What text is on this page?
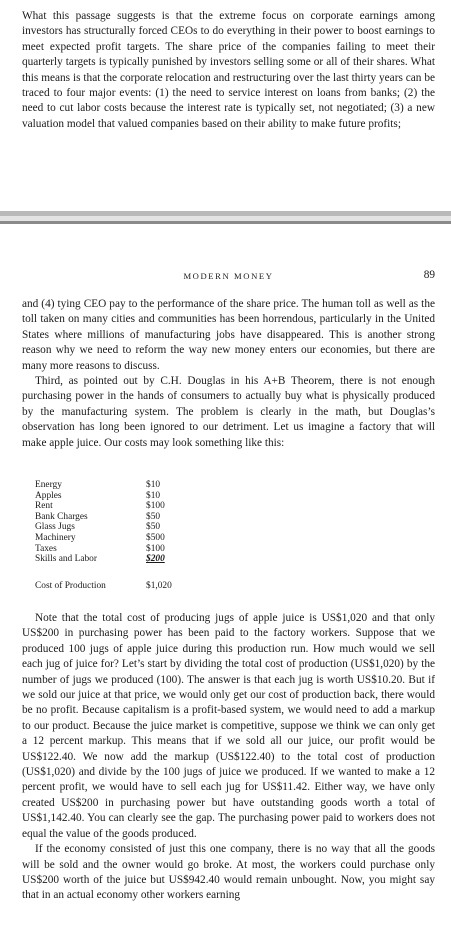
What this passage suggests is that the extreme focus on corporate earnings among investors has structurally forced CEOs to do everything in their power to boost earnings to meet expected profit targets. The share price of the companies failing to meet their quarterly targets is typically punished by investors selling some or all of their shares. What this means is that the corporate relocation and restructuring over the last thirty years can be traced to four major events: (1) the need to service interest on loans from banks; (2) the need to cut labor costs because the interest rate is typically set, not negotiated; (3) a new valuation model that valued companies based on their ability to make future profits;

MODERN MONEY	89

and (4) tying CEO pay to the performance of the share price. The human toll as well as the toll taken on many cities and communities has been horrendous, particularly in the United States where millions of manufacturing jobs have disappeared. This is another strong reason why we need to reform the way new money enters our economies, but there are many more reasons to discuss.

Third, as pointed out by C.H. Douglas in his A+B Theorem, there is not enough purchasing power in the hands of consumers to actually buy what is physically produced by the manufacturing system. The problem is clearly in the math, but Douglas’s observation has long been ignored to our detriment. Let us imagine a factory that will make apple juice. Our costs may look something like this:

Energy	$10
Apples	$10
Rent	$100
Bank Charges	$50
Glass Jugs	$50
Machinery	$500
Taxes	$100
Skills and Labor	$200
Cost of Production	$1,020

Note that the total cost of producing jugs of apple juice is US$1,020 and that only US$200 in purchasing power has been paid to the factory workers. Suppose that we produced 100 jugs of apple juice during this production run. How much would we sell each jug of juice for? Let’s start by dividing the total cost of production (US$1,020) by the number of jugs we produced (100). The answer is that each jug is worth US$10.20. But if we sold our juice at that price, we would only get our cost of production back, there would be no profit. Because capitalism is a profit-based system, we would need to add a markup to our product. Because the juice market is competitive, suppose we think we can only get a 12 percent markup. This means that if we sold all our juice, our profit would be US$122.40. We now add the markup (US$122.40) to the total cost of production (US$1,020) and divide by the 100 jugs of juice we produced. If we wanted to make a 12 percent profit, we would have to sell each jug for US$11.42. Either way, we have only created US$200 in purchasing power but have outstanding goods worth a total of US$1,142.40. You can clearly see the gap. The purchasing power paid to workers does not equal the value of the goods produced.

If the economy consisted of just this one company, there is no way that all the goods will be sold and the owner would go broke. At most, the workers could purchase only US$200 worth of the juice but US$942.40 would remain unbought. Now, you might say that in an actual economy other workers earning
